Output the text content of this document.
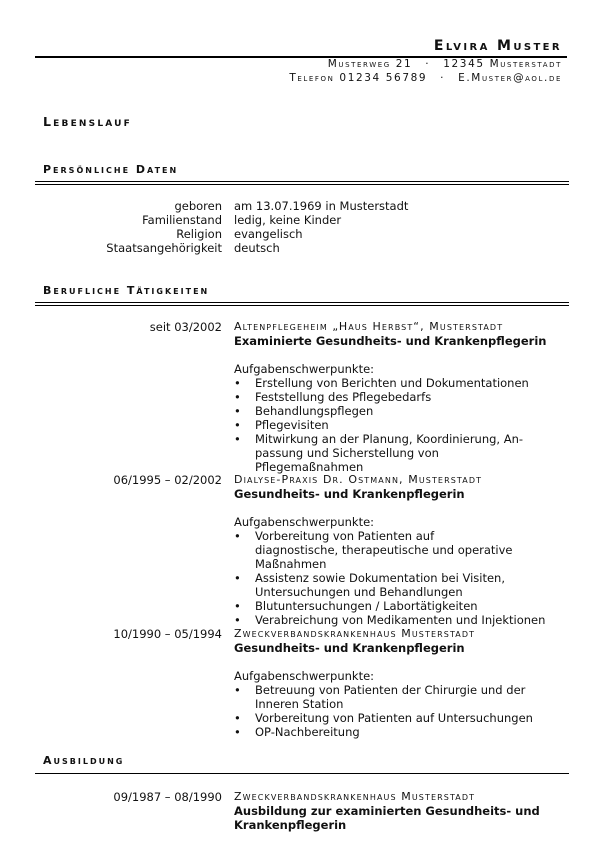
Elvira Muster
Musterweg 21 · 12345 Musterstadt
Telefon 01234 56789 · E.Muster@aol.de
Lebenslauf
Persönliche Daten
geboren am 13.07.1969 in Musterstadt
Familienstand ledig, keine Kinder
Religion evangelisch
Staatsangehörigkeit deutsch
Berufliche Tätigkeiten
seit 03/2002 Altenpflegeheim „Haus Herbst“, Musterstadt
Examinierte Gesundheits- und Krankenpflegerin
Aufgabenschwerpunkte:
• Erstellung von Berichten und Dokumentationen
• Feststellung des Pflegebedarfs
• Behandlungspflegen
• Pflegevisiten
• Mitwirkung an der Planung, Koordinierung, An-passung und Sicherstellung von Pflegemaßnahmen
06/1995 – 02/2002 Dialyse-Praxis Dr. Ostmann, Musterstadt
Gesundheits- und Krankenpflegerin
Aufgabenschwerpunkte:
• Vorbereitung von Patienten auf diagnostische, therapeutische und operative Maßnahmen
• Assistenz sowie Dokumentation bei Visiten, Untersuchungen und Behandlungen
• Blutuntersuchungen / Labortätigkeiten
• Verabreichung von Medikamenten und Injektionen
10/1990 – 05/1994 Zweckverbandskrankenhaus Musterstadt
Gesundheits- und Krankenpflegerin
Aufgabenschwerpunkte:
• Betreuung von Patienten der Chirurgie und der Inneren Station
• Vorbereitung von Patienten auf Untersuchungen
• OP-Nachbereitung
Ausbildung
09/1987 – 08/1990 Zweckverbandskrankenhaus Musterstadt
Ausbildung zur examinierten Gesundheits- und Krankenpflegerin
